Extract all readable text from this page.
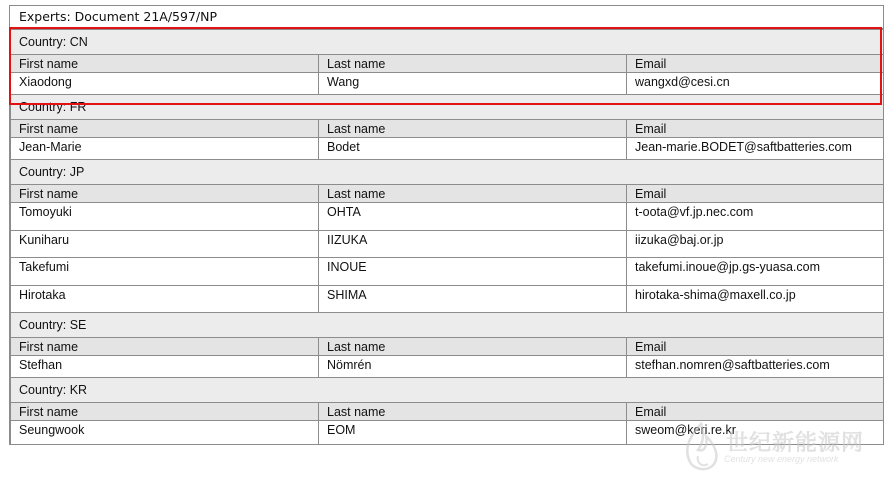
Experts: Document 21A/597/NP
Country: CN		
First name	Last name	Email
Xiaodong	Wang	wangxd@cesi.cn
Country: FR		
First name	Last name	Email
Jean-Marie	Bodet	Jean-marie.BODET@saftbatteries.com
Country: JP		
First name	Last name	Email
Tomoyuki	OHTA	t-oota@vf.jp.nec.com
Kuniharu	IIZUKA	iizuka@baj.or.jp
Takefumi	INOUE	takefumi.inoue@jp.gs-yuasa.com
Hirotaka	SHIMA	hirotaka-shima@maxell.co.jp
Country: SE		
First name	Last name	Email
Stefhan	Nömrén	stefhan.nomren@saftbatteries.com
Country: KR		
First name	Last name	Email
Seungwook	EOM	sweom@keri.re.kr
世纪新能源网
Century new energy network
